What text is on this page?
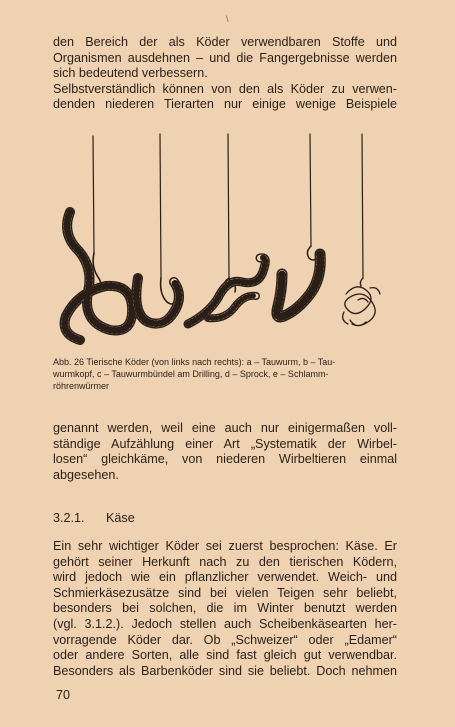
\

den Bereich der als Köder verwendbaren Stoffe und
Organismen ausdehnen – und die Fangergebnisse werden
sich bedeutend verbessern.
Selbstverständlich können von den als Köder zu verwen-
denden niederen Tierarten nur einige wenige Beispiele

Abb. 26 Tierische Köder (von links nach rechts): a – Tauwurm, b – Tau-
wurmkopf, c – Tauwurmbündel am Drilling, d – Sprock, e – Schlamm-
röhrenwürmer

genannt werden, weil eine auch nur einigermaßen voll-
ständige Aufzählung einer Art „Systematik der Wirbel-
losen“ gleichkäme, von niederen Wirbeltieren einmal
abgesehen.

3.2.1. Käse

Ein sehr wichtiger Köder sei zuerst besprochen: Käse. Er
gehört seiner Herkunft nach zu den tierischen Ködern,
wird jedoch wie ein pflanzlicher verwendet. Weich- und
Schmierkäsezusätze sind bei vielen Teigen sehr beliebt,
besonders bei solchen, die im Winter benutzt werden
(vgl. 3.1.2.). Jedoch stellen auch Scheibenkäsearten her-
vorragende Köder dar. Ob „Schweizer“ oder „Edamer“
oder andere Sorten, alle sind fast gleich gut verwendbar.
Besonders als Barbenköder sind sie beliebt. Doch nehmen

70
